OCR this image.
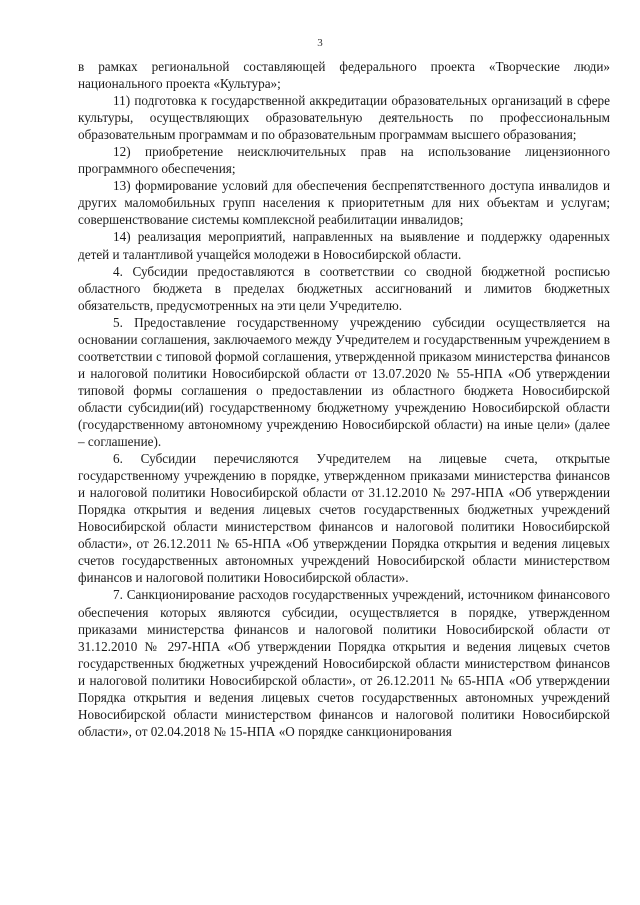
3

в рамках региональной составляющей федерального проекта «Творческие люди» национального проекта «Культура»;

11) подготовка к государственной аккредитации образовательных организаций в сфере культуры, осуществляющих образовательную деятельность по профессиональным образовательным программам и по образовательным программам высшего образования;

12) приобретение неисключительных прав на использование лицензионного программного обеспечения;

13) формирование условий для обеспечения беспрепятственного доступа инвалидов и других маломобильных групп населения к приоритетным для них объектам и услугам; совершенствование системы комплексной реабилитации инвалидов;

14) реализация мероприятий, направленных на выявление и поддержку одаренных детей и талантливой учащейся молодежи в Новосибирской области.

4. Субсидии предоставляются в соответствии со сводной бюджетной росписью областного бюджета в пределах бюджетных ассигнований и лимитов бюджетных обязательств, предусмотренных на эти цели Учредителю.

5. Предоставление государственному учреждению субсидии осуществляется на основании соглашения, заключаемого между Учредителем и государственным учреждением в соответствии с типовой формой соглашения, утвержденной приказом министерства финансов и налоговой политики Новосибирской области от 13.07.2020 № 55-НПА «Об утверждении типовой формы соглашения о предоставлении из областного бюджета Новосибирской области субсидии(ий) государственному бюджетному учреждению Новосибирской области (государственному автономному учреждению Новосибирской области) на иные цели» (далее – соглашение).

6. Субсидии перечисляются Учредителем на лицевые счета, открытые государственному учреждению в порядке, утвержденном приказами министерства финансов и налоговой политики Новосибирской области от 31.12.2010 № 297-НПА «Об утверждении Порядка открытия и ведения лицевых счетов государственных бюджетных учреждений Новосибирской области министерством финансов и налоговой политики Новосибирской области», от 26.12.2011 № 65-НПА «Об утверждении Порядка открытия и ведения лицевых счетов государственных автономных учреждений Новосибирской области министерством финансов и налоговой политики Новосибирской области».

7. Санкционирование расходов государственных учреждений, источником финансового обеспечения которых являются субсидии, осуществляется в порядке, утвержденном приказами министерства финансов и налоговой политики Новосибирской области от 31.12.2010 № 297-НПА «Об утверждении Порядка открытия и ведения лицевых счетов государственных бюджетных учреждений Новосибирской области министерством финансов и налоговой политики Новосибирской области», от 26.12.2011 № 65-НПА «Об утверждении Порядка открытия и ведения лицевых счетов государственных автономных учреждений Новосибирской области министерством финансов и налоговой политики Новосибирской области», от 02.04.2018 № 15-НПА «О порядке санкционирования
